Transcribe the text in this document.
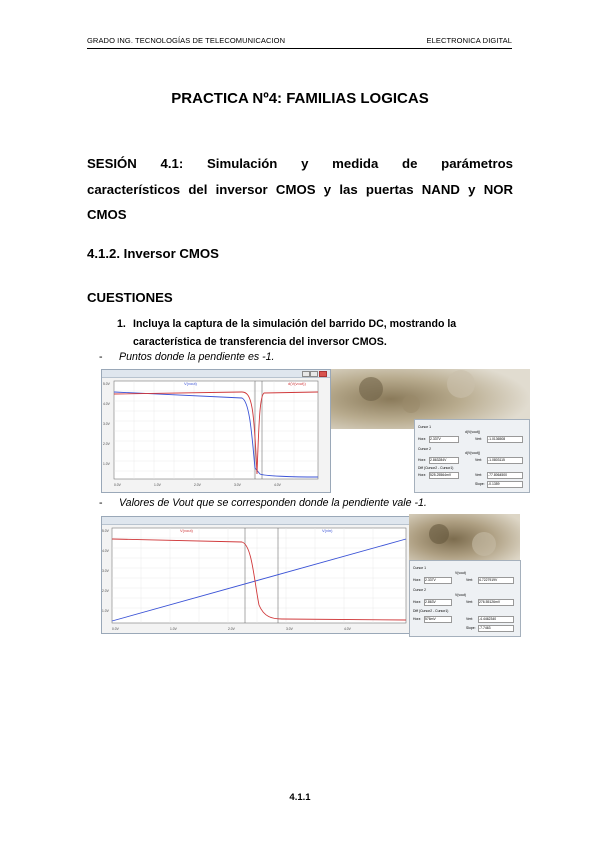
GRADO ING. TECNOLOGÍAS DE TELECOMUNICACION	ELECTRONICA DIGITAL
PRACTICA Nº4: FAMILIAS LOGICAS
SESIÓN 4.1: Simulación y medida de parámetros
característicos del inversor CMOS y las puertas NAND y NOR
CMOS
4.1.2. Inversor CMOS
CUESTIONES
1. Incluya la captura de la simulación del barrido DC, mostrando la
característica de transferencia del inversor CMOS.
- Puntos donde la pendiente es -1.
5.0V
4.0V
3.0V
2.0V
1.0V
0.0V	1.0V	2.0V	3.0V	4.0V
V(vout)	d(V(vout))
Cursor 1
d(V(vout))
Horz: 2.337V	Vert: -1.0136508
Cursor 2
d(V(vout))
Horz: 2.863284V	Vert: -1.0803115
Diff (Cursor2 - Cursor1)
Horz: 525.25564mV	Vert: -77.8064500
Slope: -0.1359
- Valores de Vout que se corresponden donde la pendiente vale -1.
5.0V
4.0V
3.0V
2.0V
1.0V
0.0V	1.0V	2.0V	3.0V	4.0V
V(vout)	V(vin)
Cursor 1
V(vout)
Horz: 2.337V	Vert: 4.7227919V
Cursor 2
V(vout)
Horz: 2.863V	Vert: 276.55126mV
Diff (Cursor2 - Cursor1)
Horz: 576mV	Vert: -4.4462340
Slope: -7.7463
4.1.1
